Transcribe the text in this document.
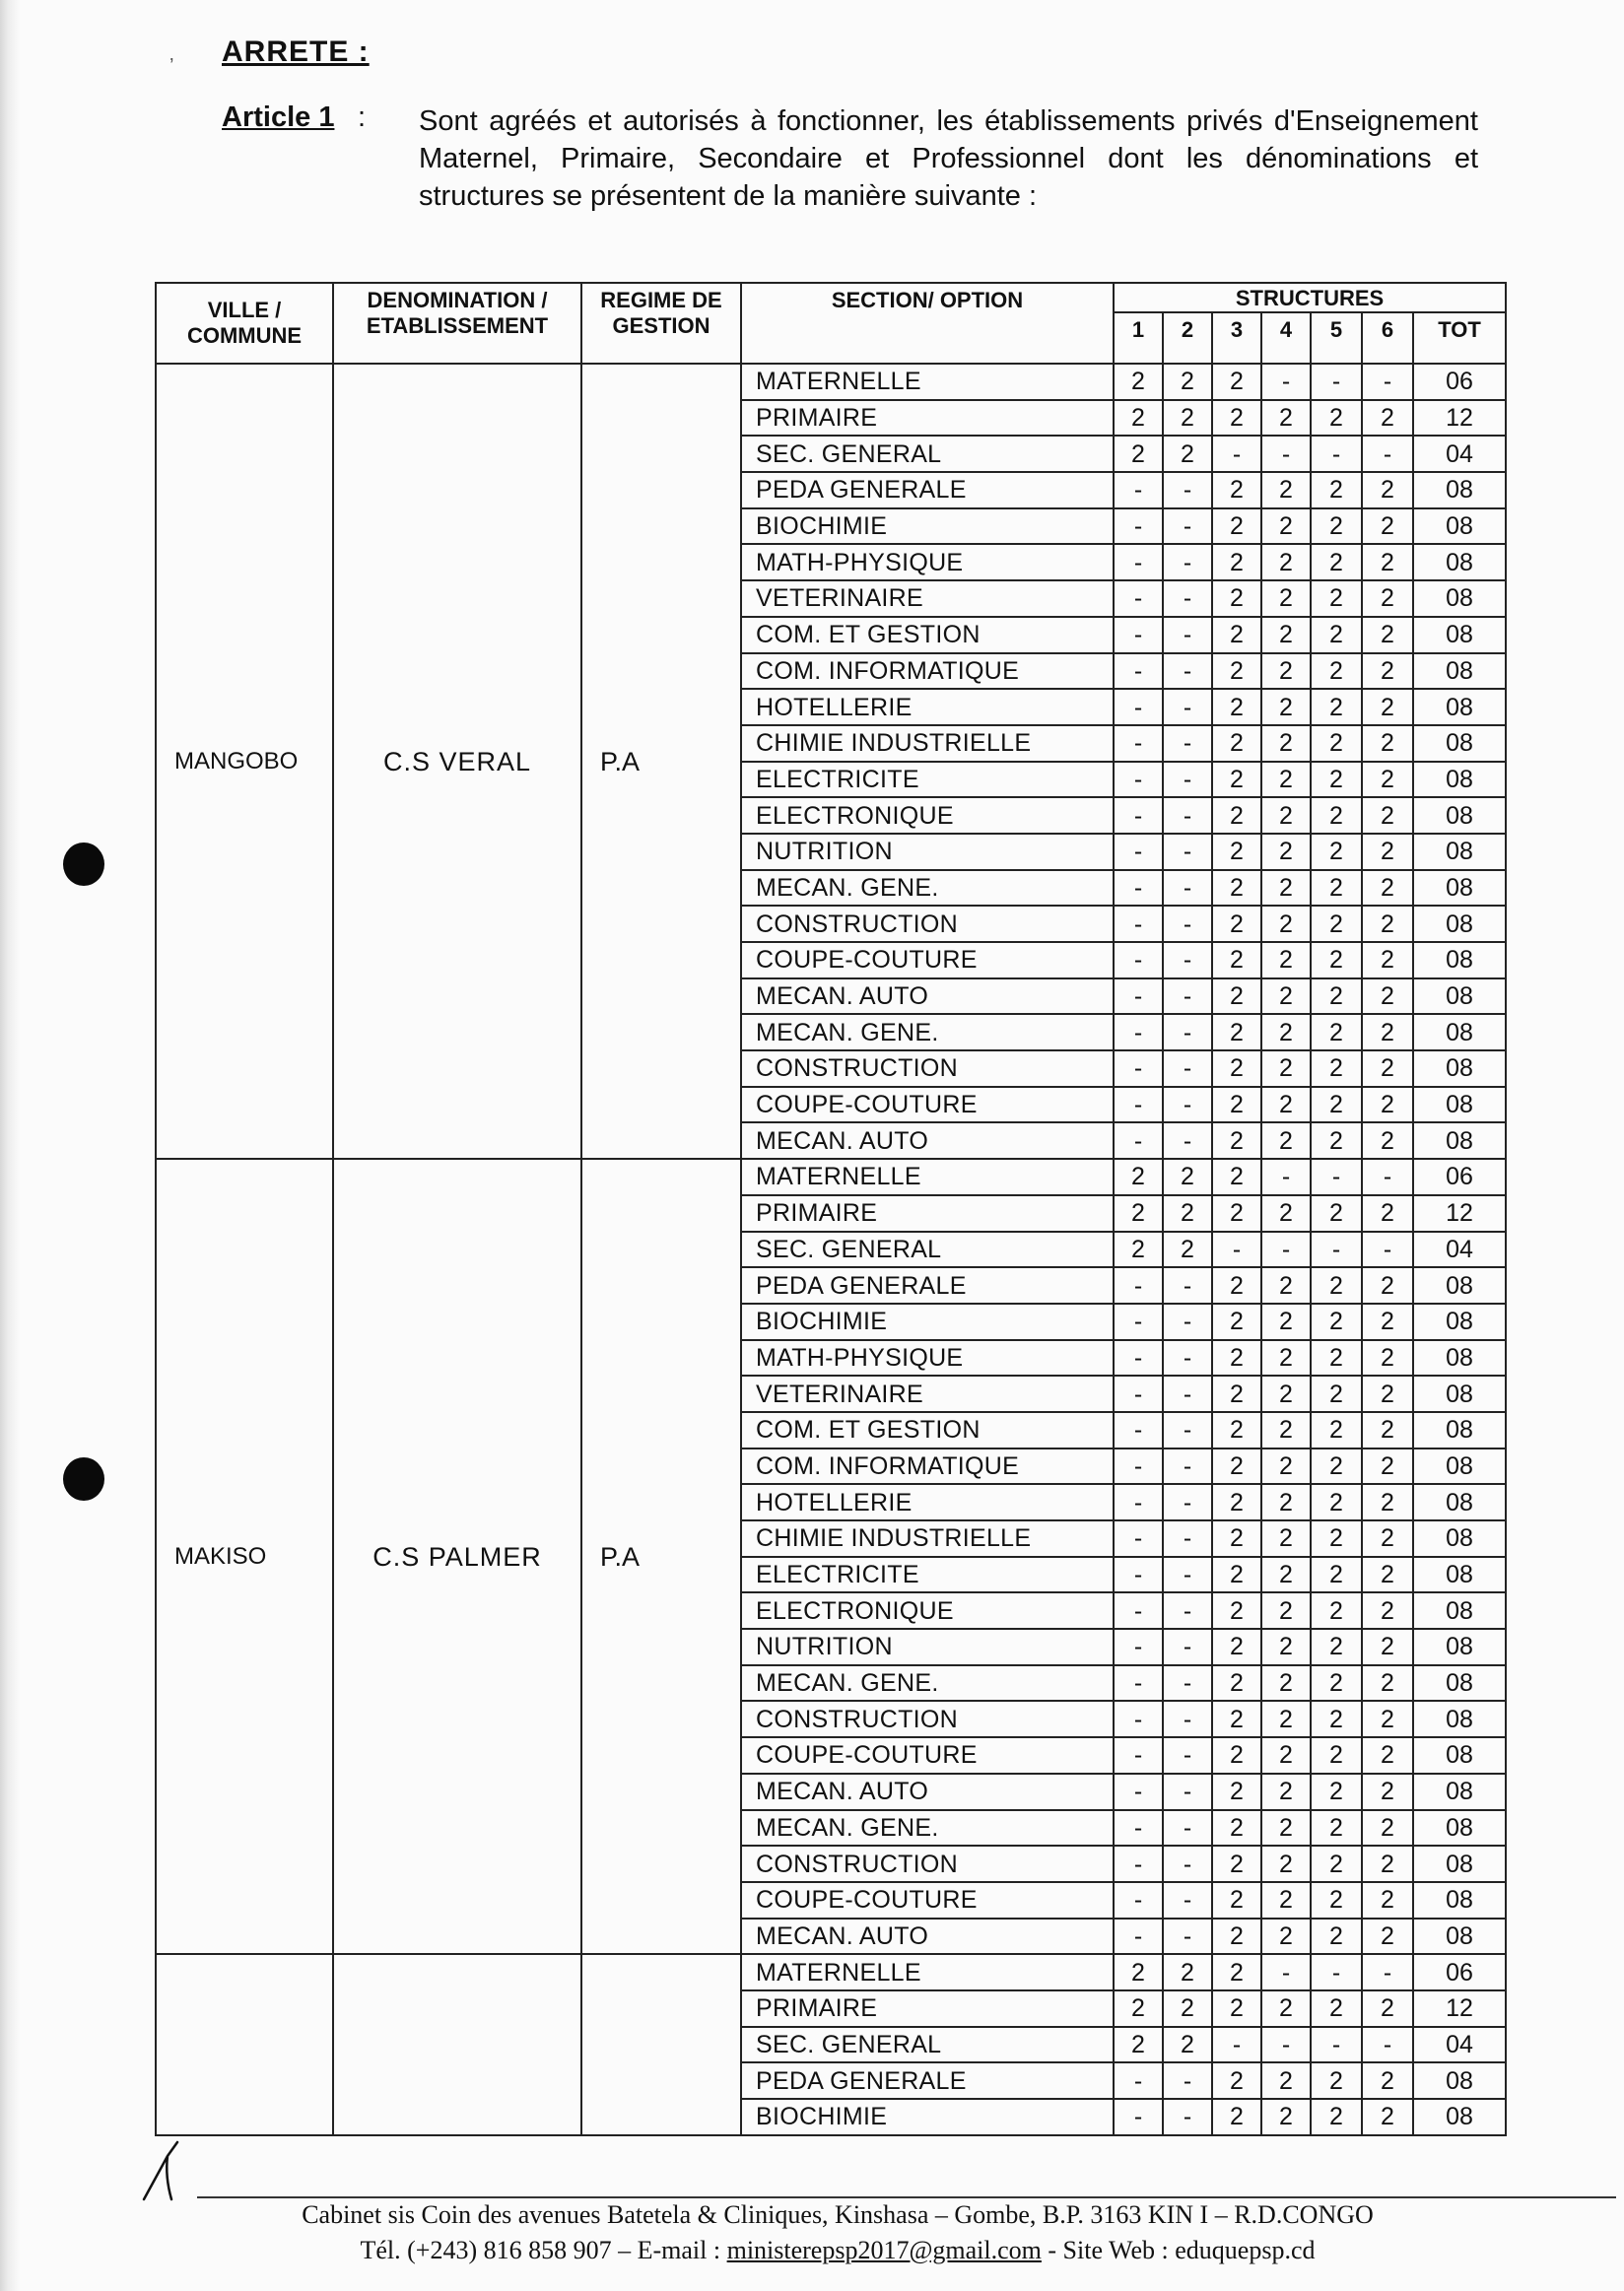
‚ ARRETE :
Article 1 : Sont agréés et autorisés à fonctionner, les établissements privés d'Enseignement Maternel, Primaire, Secondaire et Professionnel dont les dénominations et structures se présentent de la manière suivante :
VILLE / COMMUNE	DENOMINATION / ETABLISSEMENT	REGIME DE GESTION	SECTION/ OPTION	STRUCTURES						
				1	2	3	4	5	6	TOT
MANGOBO	C.S VERAL	P.A	MATERNELLE	2	2	2	-	-	-	06
			PRIMAIRE	2	2	2	2	2	2	12
			SEC. GENERAL	2	2	-	-	-	-	04
			PEDA GENERALE	-	-	2	2	2	2	08
			BIOCHIMIE	-	-	2	2	2	2	08
			MATH-PHYSIQUE	-	-	2	2	2	2	08
			VETERINAIRE	-	-	2	2	2	2	08
			COM. ET GESTION	-	-	2	2	2	2	08
			COM. INFORMATIQUE	-	-	2	2	2	2	08
			HOTELLERIE	-	-	2	2	2	2	08
			CHIMIE INDUSTRIELLE	-	-	2	2	2	2	08
			ELECTRICITE	-	-	2	2	2	2	08
			ELECTRONIQUE	-	-	2	2	2	2	08
			NUTRITION	-	-	2	2	2	2	08
			MECAN. GENE.	-	-	2	2	2	2	08
			CONSTRUCTION	-	-	2	2	2	2	08
			COUPE-COUTURE	-	-	2	2	2	2	08
			MECAN. AUTO	-	-	2	2	2	2	08
			MECAN. GENE.	-	-	2	2	2	2	08
			CONSTRUCTION	-	-	2	2	2	2	08
			COUPE-COUTURE	-	-	2	2	2	2	08
			MECAN. AUTO	-	-	2	2	2	2	08
MAKISO	C.S PALMER	P.A	MATERNELLE	2	2	2	-	-	-	06
			PRIMAIRE	2	2	2	2	2	2	12
			SEC. GENERAL	2	2	-	-	-	-	04
			PEDA GENERALE	-	-	2	2	2	2	08
			BIOCHIMIE	-	-	2	2	2	2	08
			MATH-PHYSIQUE	-	-	2	2	2	2	08
			VETERINAIRE	-	-	2	2	2	2	08
			COM. ET GESTION	-	-	2	2	2	2	08
			COM. INFORMATIQUE	-	-	2	2	2	2	08
			HOTELLERIE	-	-	2	2	2	2	08
			CHIMIE INDUSTRIELLE	-	-	2	2	2	2	08
			ELECTRICITE	-	-	2	2	2	2	08
			ELECTRONIQUE	-	-	2	2	2	2	08
			NUTRITION	-	-	2	2	2	2	08
			MECAN. GENE.	-	-	2	2	2	2	08
			CONSTRUCTION	-	-	2	2	2	2	08
			COUPE-COUTURE	-	-	2	2	2	2	08
			MECAN. AUTO	-	-	2	2	2	2	08
			MECAN. GENE.	-	-	2	2	2	2	08
			CONSTRUCTION	-	-	2	2	2	2	08
			COUPE-COUTURE	-	-	2	2	2	2	08
			MECAN. AUTO	-	-	2	2	2	2	08
			MATERNELLE	2	2	2	-	-	-	06
			PRIMAIRE	2	2	2	2	2	2	12
			SEC. GENERAL	2	2	-	-	-	-	04
			PEDA GENERALE	-	-	2	2	2	2	08
			BIOCHIMIE	-	-	2	2	2	2	08
Cabinet sis Coin des avenues Batetela & Cliniques, Kinshasa – Gombe, B.P. 3163 KIN I – R.D.CONGO
Tél. (+243) 816 858 907 – E-mail : ministerepsp2017@gmail.com - Site Web : eduquepsp.cd
